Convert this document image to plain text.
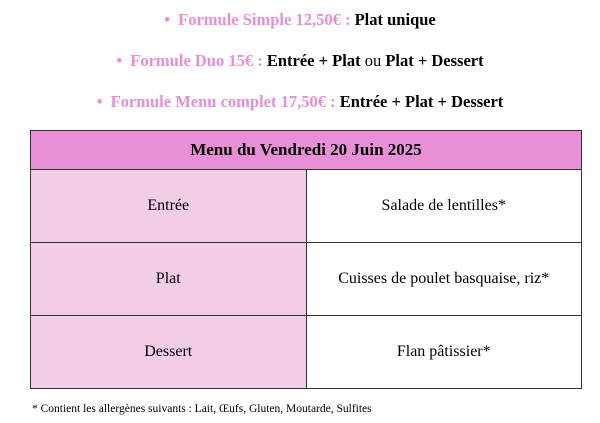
• Formule Simple 12,50€ : Plat unique
• Formule Duo 15€ : Entrée + Plat ou Plat + Dessert
• Formule Menu complet 17,50€ : Entrée + Plat + Dessert
Menu du Vendredi 20 Juin 2025	
Entrée	Salade de lentilles*
Plat	Cuisses de poulet basquaise, riz*
Dessert	Flan pâtissier*
* Contient les allergènes suivants : Lait, Œufs, Gluten, Moutarde, Sulfites
